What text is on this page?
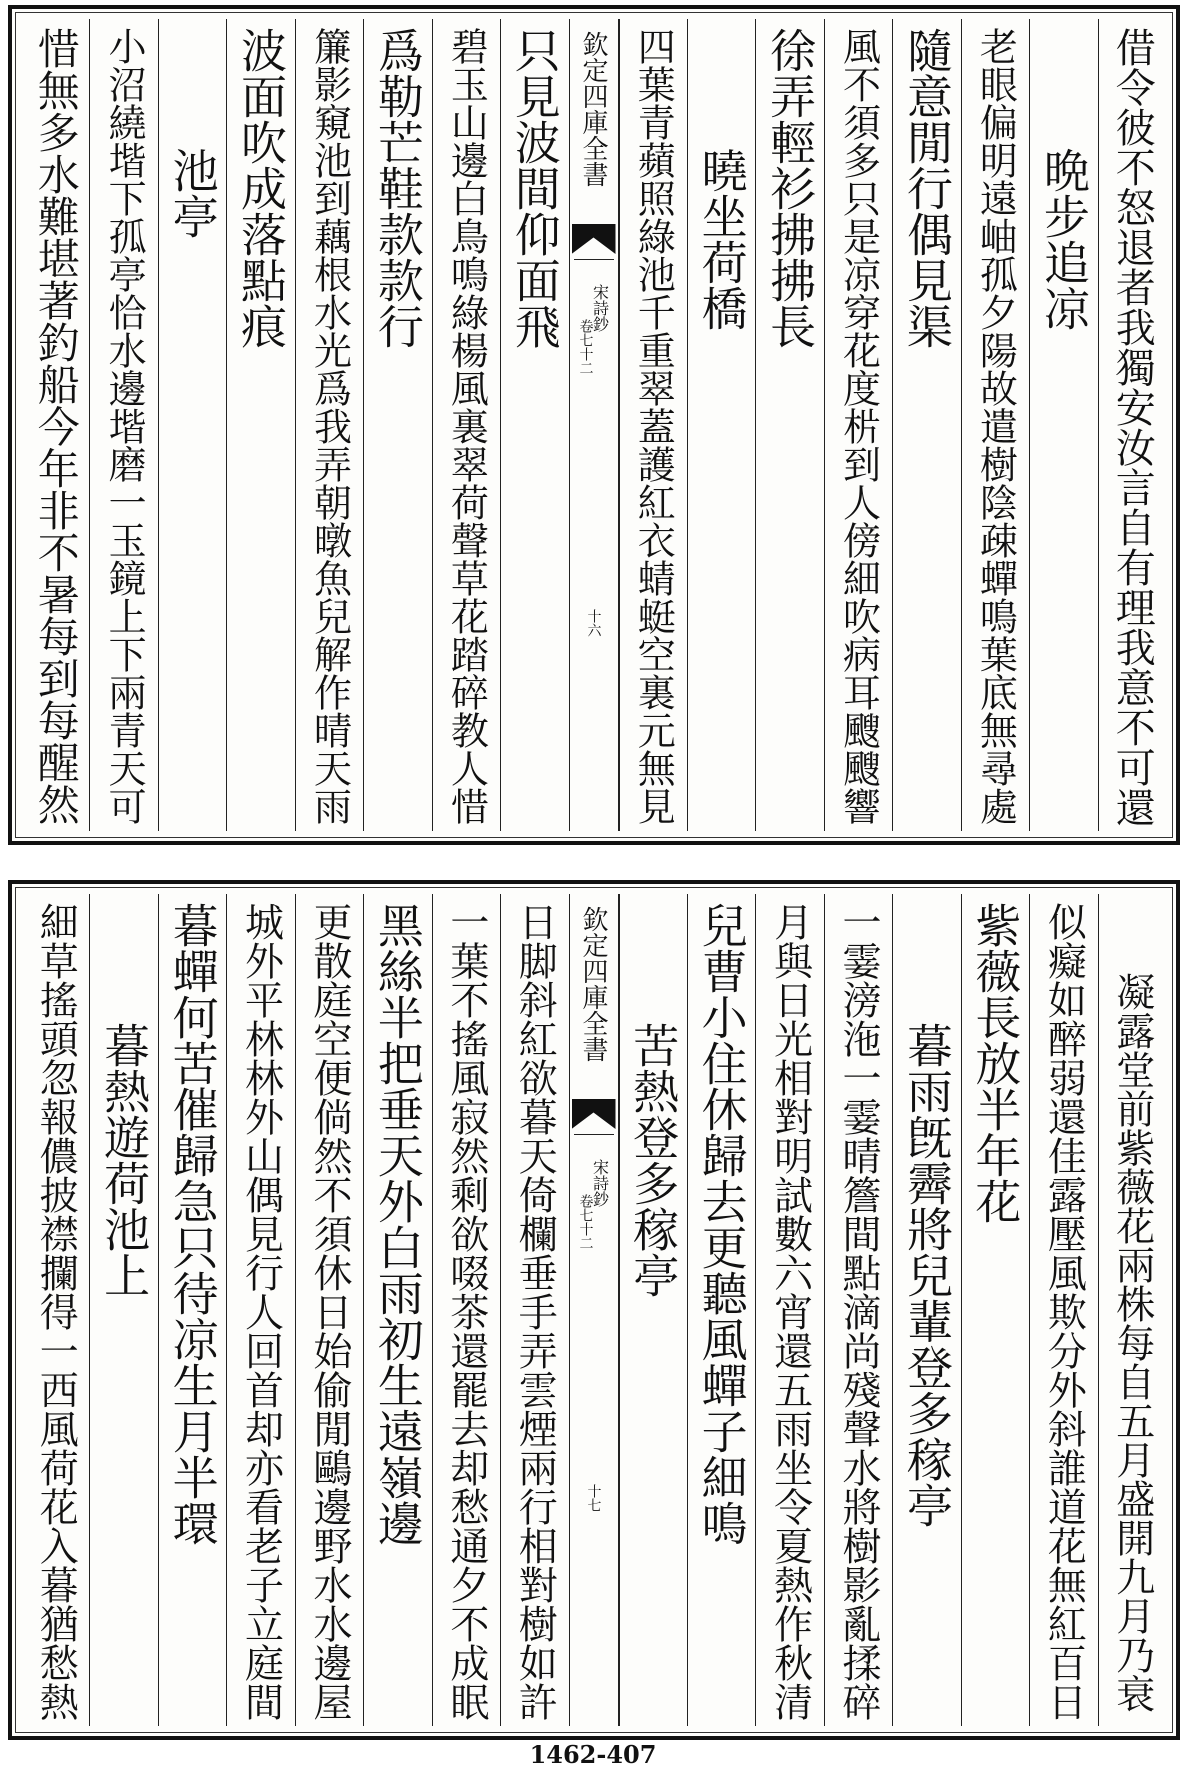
借令彼不怒退者我獨安汝言自有理我意不可還
晩步追凉
老眼偏明遠岫孤夕陽故遣樹陰疎蟬鳴葉底無尋處
隨意閒行偶見渠
風不須多只是凉穿花度㭊到人傍細吹病耳颼颼響
徐弄輕衫拂拂長
曉坐荷橋
四葉青蘋照綠池千重翠蓋護紅衣蜻蜓空裏元無見
欽定四庫全書
宋詩鈔
卷七十二
十六
只見波間仰面飛
碧玉山邊白鳥鳴綠楊風裏翠荷聲草花踏碎教人惜
爲勒芒鞋款款行
簾影窺池到藕根水光爲我弄朝暾魚兒解作晴天雨
波面吹成落點痕
池亭
小沼繞堦下孤亭恰水邊堦磨一玉鏡上下兩青天可
惜無多水難堪著釣船今年非不暑每到每醒然
凝露堂前紫薇花兩株每自五月盛開九月乃衰
似癡如醉弱還佳露壓風欺分外斜誰道花無紅百日
紫薇長放半年花
暮雨旣霽將兒輩登多稼亭
一霎滂沲一霎晴簷間點滴尚殘聲水將樹影亂揉碎
月與日光相對明試數六宵還五雨坐令夏熱作秋清
兒曹小住休歸去更聽風蟬子細鳴
苦熱登多稼亭
欽定四庫全書
宋詩鈔
卷七十二
十七
日脚斜紅欲暮天倚欄垂手弄雲煙兩行相對樹如許
一葉不搖風寂然剩欲啜茶還罷去却愁通夕不成眠
黑絲半把垂天外白雨初生遠嶺邊
更散庭空便倘然不須休日始偷閒鷗邊野水水邊屋
城外平林林外山偶見行人回首却亦看老子立庭間
暮蟬何苦催歸急只待凉生月半環
暮熱遊荷池上
細草搖頭忽報儂披襟攔得一西風荷花入暮猶愁熱
1462-407
